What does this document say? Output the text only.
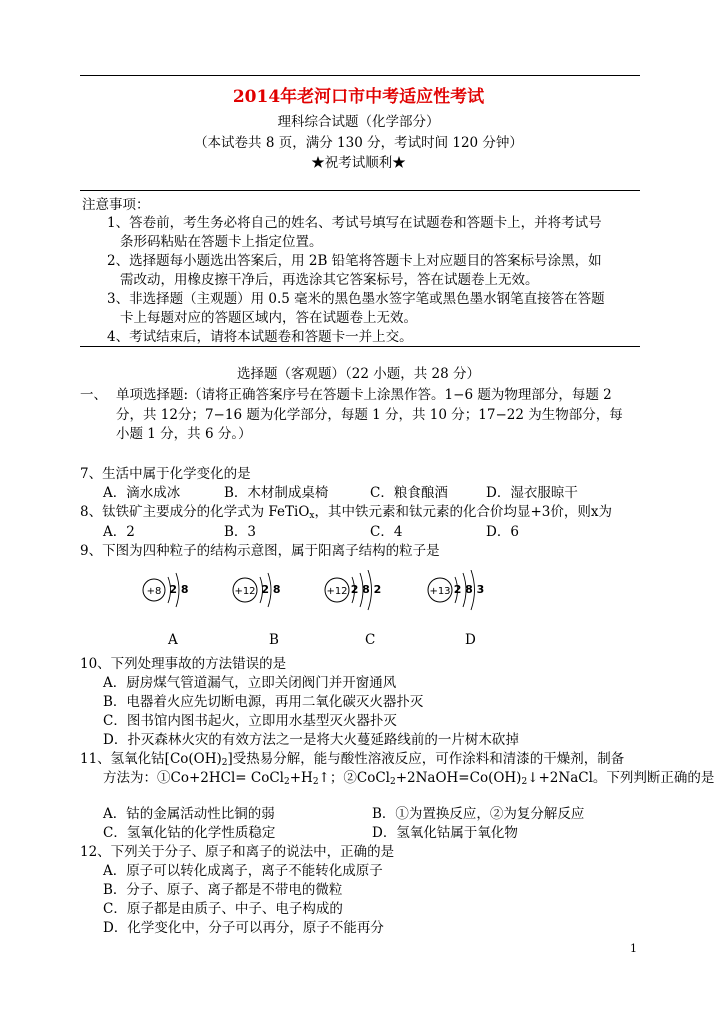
2014年老河口市中考适应性考试
理科综合试题（化学部分）
（本试卷共 8 页，满分 130 分，考试时间 120 分钟）
★祝考试顺利★
注意事项：
1、答卷前，考生务必将自己的姓名、考试号填写在试题卷和答题卡上，并将考试号
条形码粘贴在答题卡上指定位置。
2、选择题每小题选出答案后，用 2B 铅笔将答题卡上对应题目的答案标号涂黑，如
需改动，用橡皮擦干净后，再选涂其它答案标号，答在试题卷上无效。
3、非选择题（主观题）用 0.5 毫米的黑色墨水签字笔或黑色墨水钢笔直接答在答题
卡上每题对应的答题区域内，答在试题卷上无效。
4、考试结束后，请将本试题卷和答题卡一并上交。
选择题（客观题）（22 小题，共 28 分）
一、 单项选择题:（请将正确答案序号在答题卡上涂黑作答。1−6 题为物理部分，每题 2
分，共 12分；7−16 题为化学部分，每题 1 分，共 10 分；17−22 为生物部分，每
小题 1 分，共 6 分。）
7、生活中属于化学变化的是
A．滴水成冰	B．木材制成桌椅	C．粮食酿酒	D．湿衣服晾干
8、钛铁矿主要成分的化学式为 FeTiO$_x$，其中铁元素和钛元素的化合价均显+3价，则x为
A．2	B．3	C．4	D．6
9、下图为四种粒子的结构示意图，属于阳离子结构的粒子是
+8 2 8	+12 2 8	+12 2 8 2	+13 2 8 3
A	B	C	D
10、下列处理事故的方法错误的是
A．厨房煤气管道漏气，立即关闭阀门并开窗通风
B．电器着火应先切断电源，再用二氧化碳灭火器扑灭
C．图书馆内图书起火，立即用水基型灭火器扑灭
D．扑灭森林火灾的有效方法之一是将大火蔓延路线前的一片树木砍掉
11、氢氧化钴$[Co(OH)_2]$受热易分解，能与酸性溶液反应，可作涂料和清漆的干燥剂，制备
方法为：①Co+2HCl= $CoCl_2+H_2↑$；$②CoCl_2+2NaOH=Co(OH)_2↓+2NaCl$。下列判断正确的是
A．钴的金属活动性比铜的弱	B．①为置换反应，②为复分解反应
C．氢氧化钴的化学性质稳定	D．氢氧化钴属于氧化物
12、下列关于分子、原子和离子的说法中，正确的是
A．原子可以转化成离子，离子不能转化成原子
B．分子、原子、离子都是不带电的微粒
C．原子都是由质子、中子、电子构成的
D．化学变化中，分子可以再分，原子不能再分
1
